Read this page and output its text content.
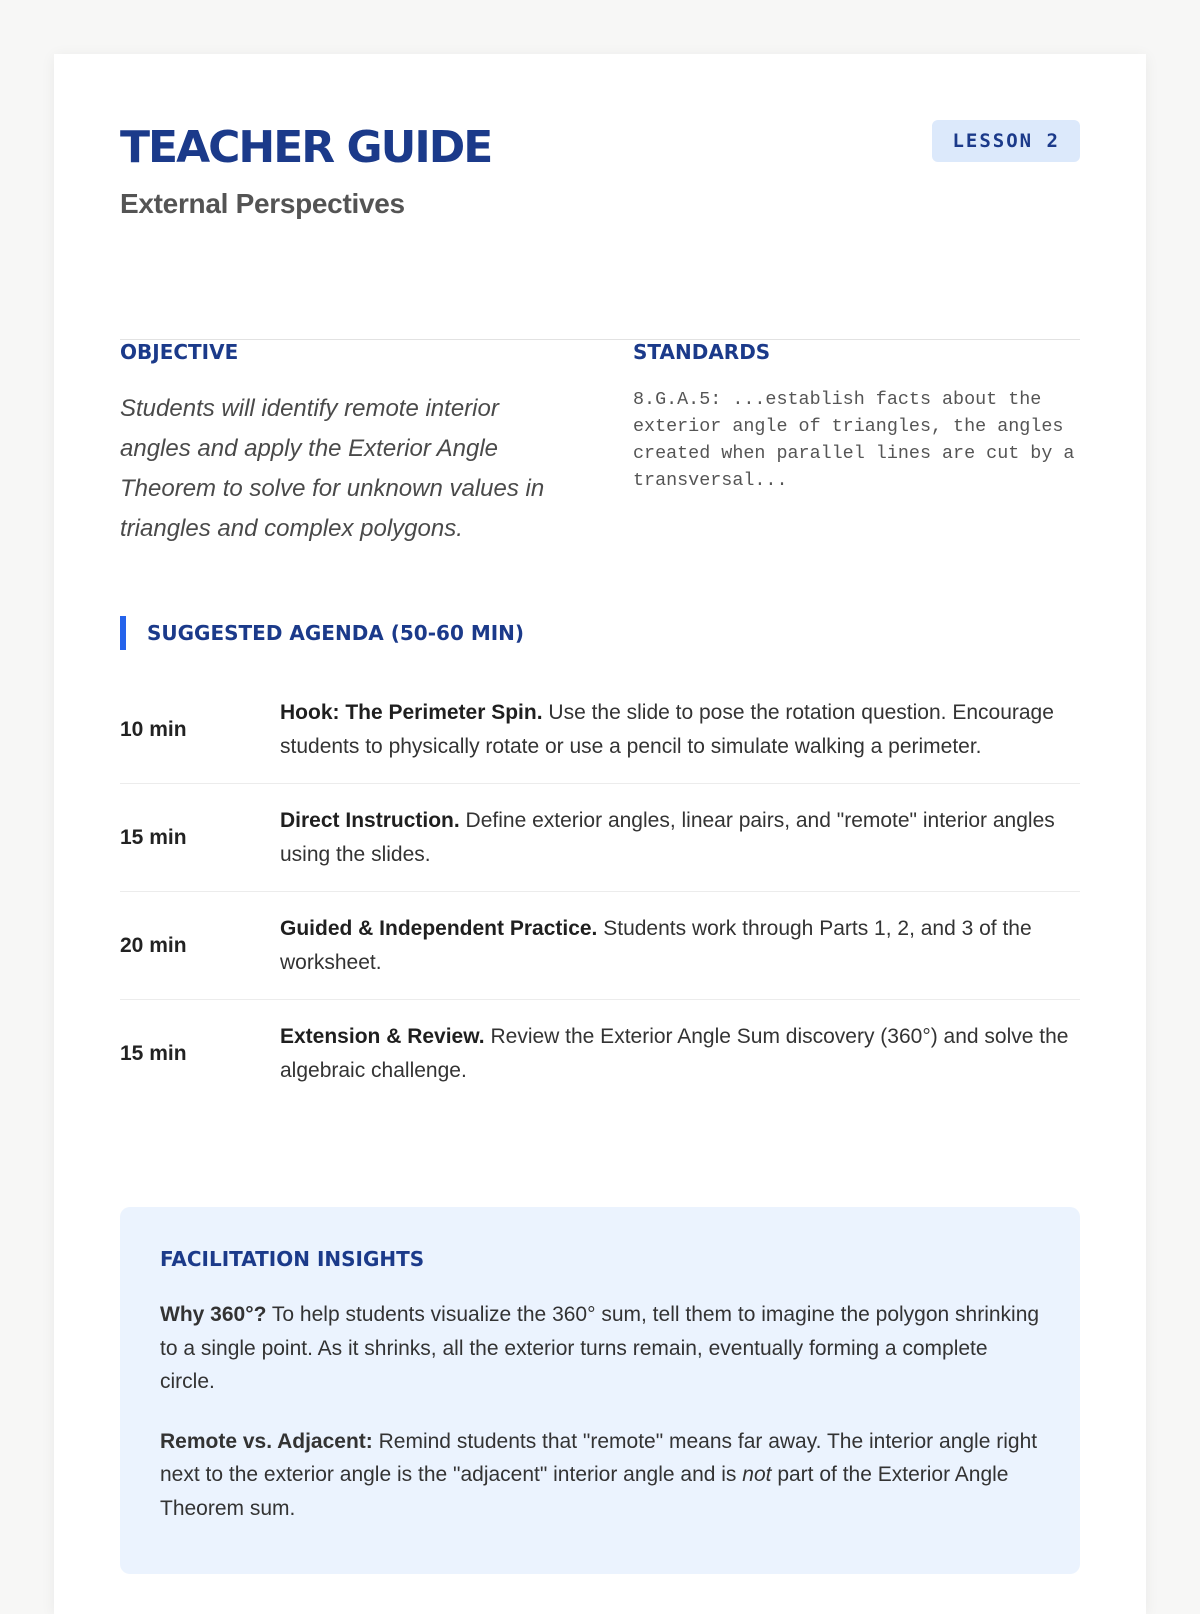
TEACHER GUIDE
External Perspectives
LESSON 2
OBJECTIVE

Students will identify remote interior angles and apply the Exterior Angle Theorem to solve for unknown values in triangles and complex polygons.

STANDARDS

8.G.A.5: ...establish facts about the exterior angle of triangles, the angles created when parallel lines are cut by a transversal...

SUGGESTED AGENDA (50-60 MIN)
10 min
Hook: The Perimeter Spin. Use the slide to pose the rotation question. Encourage students to physically rotate or use a pencil to simulate walking a perimeter.
15 min
Direct Instruction. Define exterior angles, linear pairs, and "remote" interior angles using the slides.
20 min
Guided & Independent Practice. Students work through Parts 1, 2, and 3 of the worksheet.
15 min
Extension & Review. Review the Exterior Angle Sum discovery (360°) and solve the algebraic challenge.
FACILITATION INSIGHTS

Why 360°? To help students visualize the 360° sum, tell them to imagine the polygon shrinking to a single point. As it shrinks, all the exterior turns remain, eventually forming a complete circle.

Remote vs. Adjacent: Remind students that "remote" means far away. The interior angle right next to the exterior angle is the "adjacent" interior angle and is not part of the Exterior Angle Theorem sum.
